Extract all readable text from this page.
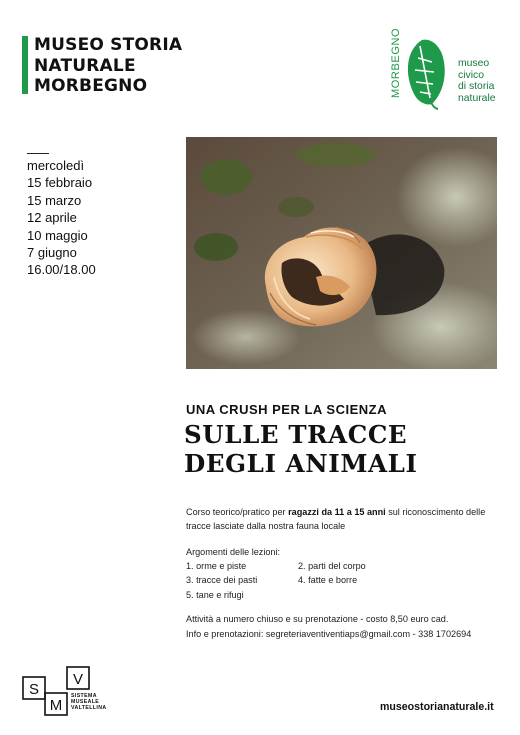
MUSEO STORIA
NATURALE
MORBEGNO	MORBEGNO	museo
civico
di storia
naturale

mercoledì
15 febbraio
15 marzo
12 aprile
10 maggio
7 giugno
16.00/18.00
UNA CRUSH PER LA SCIENZA
SULLE TRACCE
DEGLI ANIMALI

Corso teorico/pratico per ragazzi da 11 a 15 anni sul riconoscimento delle tracce lasciate dalla nostra fauna locale

Argomenti delle lezioni:

1. orme e piste	2. parti del corpo
3. tracce dei pasti	4. fatte e borre
5. tane e rifugi

Attività a numero chiuso e su prenotazione - costo 8,50 euro cad.

Info e prenotazioni: segreteriaventiventiaps@gmail.com - 338 1702694

S
M
V

SISTEMA
MUSEALE
VALTELLINA	museostorianaturale.it
